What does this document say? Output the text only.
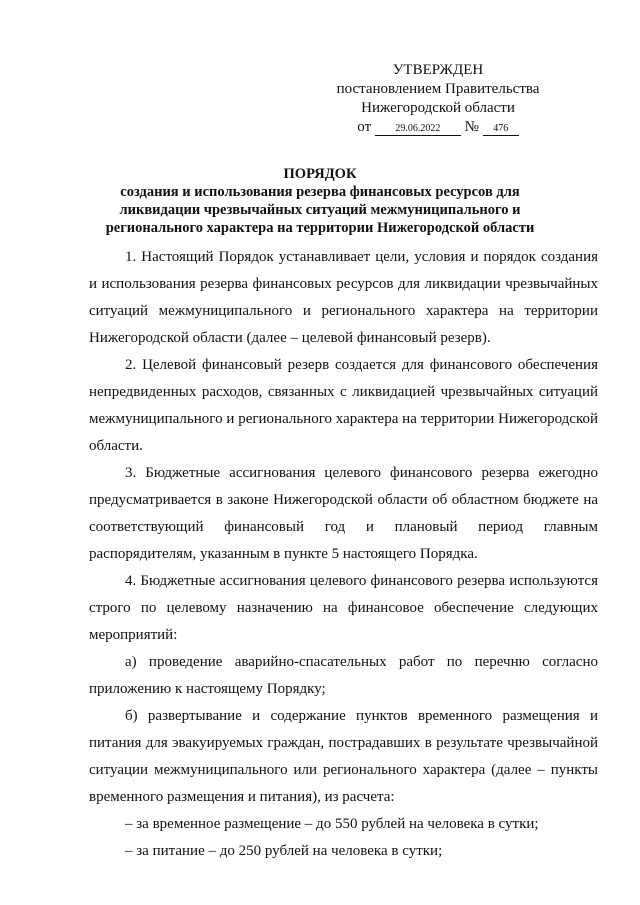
УТВЕРЖДЕН
постановлением Правительства
Нижегородской области
от 29.06.2022 № 476
ПОРЯДОК
создания и использования резерва финансовых ресурсов для ликвидации чрезвычайных ситуаций межмуниципального и регионального характера на территории Нижегородской области

1. Настоящий Порядок устанавливает цели, условия и порядок создания и использования резерва финансовых ресурсов для ликвидации чрезвычайных ситуаций межмуниципального и регионального характера на территории Нижегородской области (далее – целевой финансовый резерв).

2. Целевой финансовый резерв создается для финансового обеспечения непредвиденных расходов, связанных с ликвидацией чрезвычайных ситуаций межмуниципального и регионального характера на территории Нижегородской области.

3. Бюджетные ассигнования целевого финансового резерва ежегодно предусматривается в законе Нижегородской области об областном бюджете на соответствующий финансовый год и плановый период главным распорядителям, указанным в пункте 5 настоящего Порядка.

4. Бюджетные ассигнования целевого финансового резерва используются строго по целевому назначению на финансовое обеспечение следующих мероприятий:

а) проведение аварийно-спасательных работ по перечню согласно приложению к настоящему Порядку;

б) развертывание и содержание пунктов временного размещения и питания для эвакуируемых граждан, пострадавших в результате чрезвычайной ситуации межмуниципального или регионального характера (далее – пункты временного размещения и питания), из расчета:

– за временное размещение – до 550 рублей на человека в сутки;

– за питание – до 250 рублей на человека в сутки;
